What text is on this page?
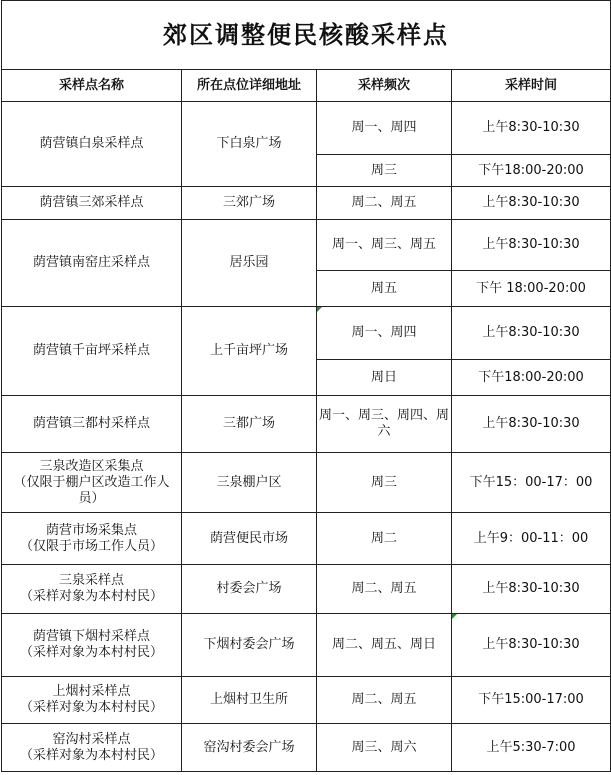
郊区调整便民核酸采样点			
采样点名称	所在点位详细地址	采样频次	采样时间
荫营镇白泉采样点	下白泉广场	周一、周四	上午8:30-10:30
		周三	下午18:00-20:00
荫营镇三郊采样点	三郊广场	周二、周五	上午8:30-10:30
荫营镇南窑庄采样点	居乐园	周一、周三、周五	上午8:30-10:30
		周五	下午 18:00-20:00
荫营镇千亩坪采样点	上千亩坪广场	周一、周四	上午8:30-10:30
		周日	下午18:00-20:00
荫营镇三都村采样点	三都广场	周一、周三、周四、周六	上午8:30-10:30
三泉改造区采集点
（仅限于棚户区改造工作人员）	三泉棚户区	周三	下午15：00-17：00
荫营市场采集点
（仅限于市场工作人员）	荫营便民市场	周二	上午9：00-11：00
三泉采样点
（采样对象为本村村民）	村委会广场	周二、周五	上午8:30-10:30
荫营镇下烟村采样点
（采样对象为本村村民）	下烟村委会广场	周二、周五、周日	上午8:30-10:30
上烟村采样点
（采样对象为本村村民）	上烟村卫生所	周二、周五	下午15:00-17:00
窑沟村采样点
（采样对象为本村村民）	窑沟村委会广场	周三、周六	上午5:30-7:00
